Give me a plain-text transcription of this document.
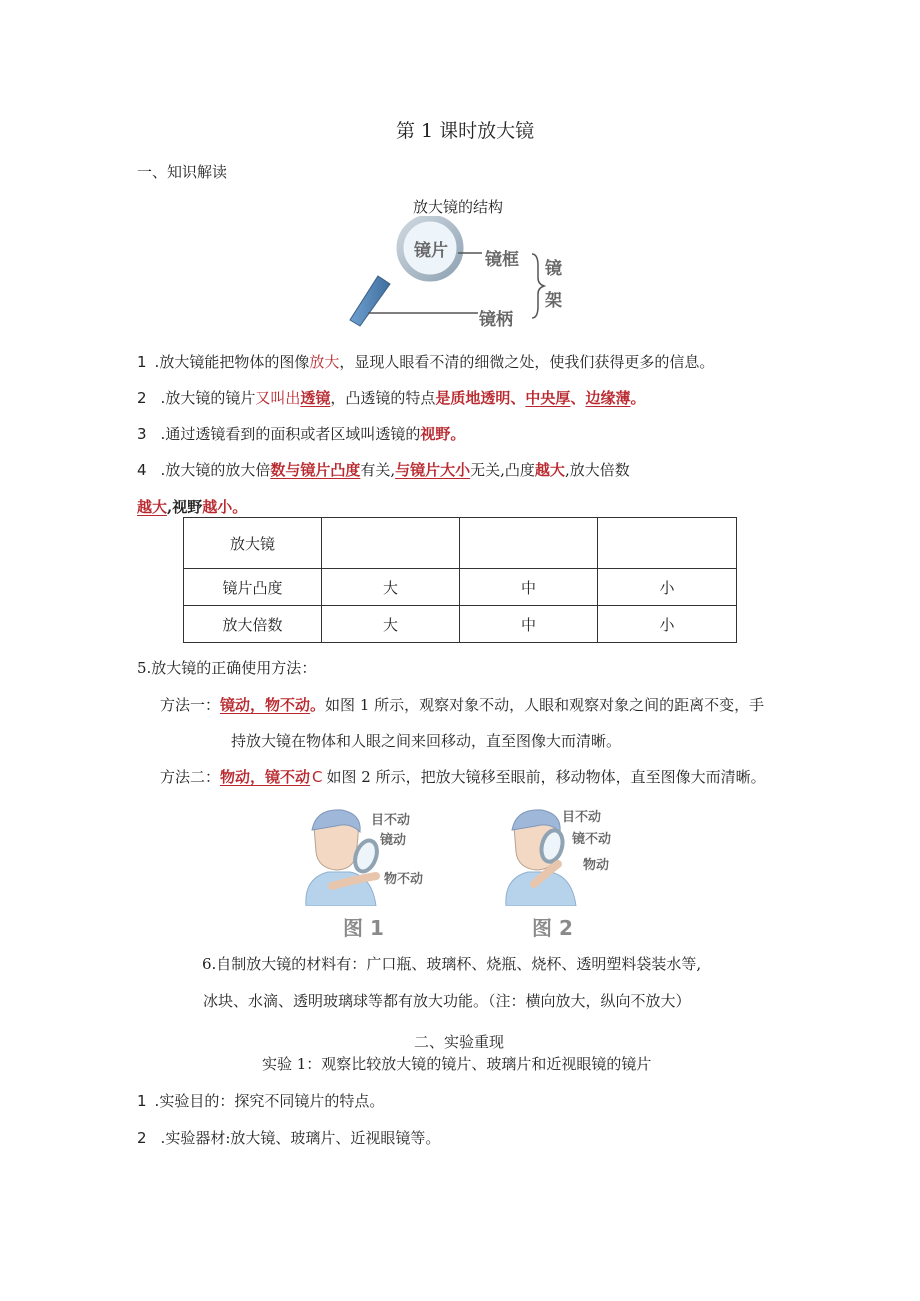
第 1 课时放大镜
一、知识解读
放大镜的结构
镜片 镜框
镜柄
镜
架
1 .放大镜能把物体的图像放大，显现人眼看不清的细微之处，使我们获得更多的信息。
2 .放大镜的镜片又叫出透镜，凸透镜的特点是质地透明、中央厚、边缘薄。
3 .通过透镜看到的面积或者区域叫透镜的视野。
4 .放大镜的放大倍数与镜片凸度有关,与镜片大小无关,凸度越大,放大倍数
越大,视野越小。
放大镜			
镜片凸度	大	中	小
放大倍数	大	中	小
5.放大镜的正确使用方法：
方法一：镜动，物不动。如图 1 所示，观察对象不动，人眼和观察对象之间的距离不变，手
持放大镜在物体和人眼之间来回移动，直至图像大而清晰。
方法二：物动，镜不动 C 如图 2 所示，把放大镜移至眼前，移动物体，直至图像大而清晰。
目不动
镜动
物不动
图 1
目不动
镜不动
物动
图 2
6.自制放大镜的材料有：广口瓶、玻璃杯、烧瓶、烧杯、透明塑料袋装水等,
冰块、水滴、透明玻璃球等都有放大功能。（注：横向放大，纵向不放大）
二、实验重现
实验 1：观察比较放大镜的镜片、玻璃片和近视眼镜的镜片
1 .实验目的：探究不同镜片的特点。
2 .实验器材:放大镜、玻璃片、近视眼镜等。
